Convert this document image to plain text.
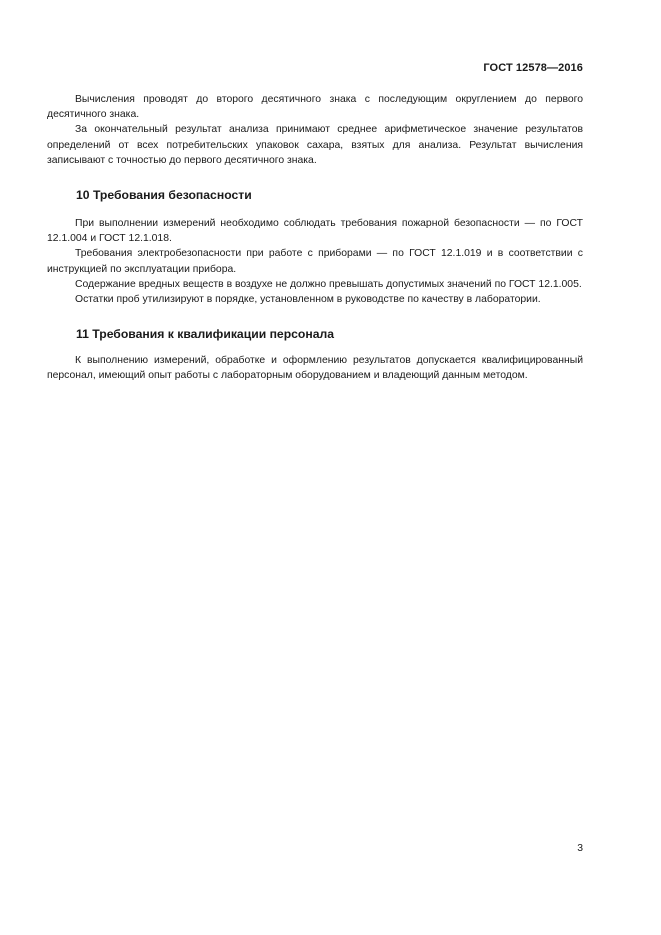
ГОСТ 12578—2016

Вычисления проводят до второго десятичного знака с последующим округлением до первого десятичного знака.

За окончательный результат анализа принимают среднее арифметическое значение результатов определений от всех потребительских упаковок сахара, взятых для анализа. Результат вычисления записывают с точностью до первого десятичного знака.

10 Требования безопасности

При выполнении измерений необходимо соблюдать требования пожарной безопасности — по ГОСТ 12.1.004 и ГОСТ 12.1.018.

Требования электробезопасности при работе с приборами — по ГОСТ 12.1.019 и в соответствии с инструкцией по эксплуатации прибора.

Содержание вредных веществ в воздухе не должно превышать допустимых значений по ГОСТ 12.1.005.

Остатки проб утилизируют в порядке, установленном в руководстве по качеству в лаборатории.

11 Требования к квалификации персонала

К выполнению измерений, обработке и оформлению результатов допускается квалифицированный персонал, имеющий опыт работы с лабораторным оборудованием и владеющий данным методом.

3
